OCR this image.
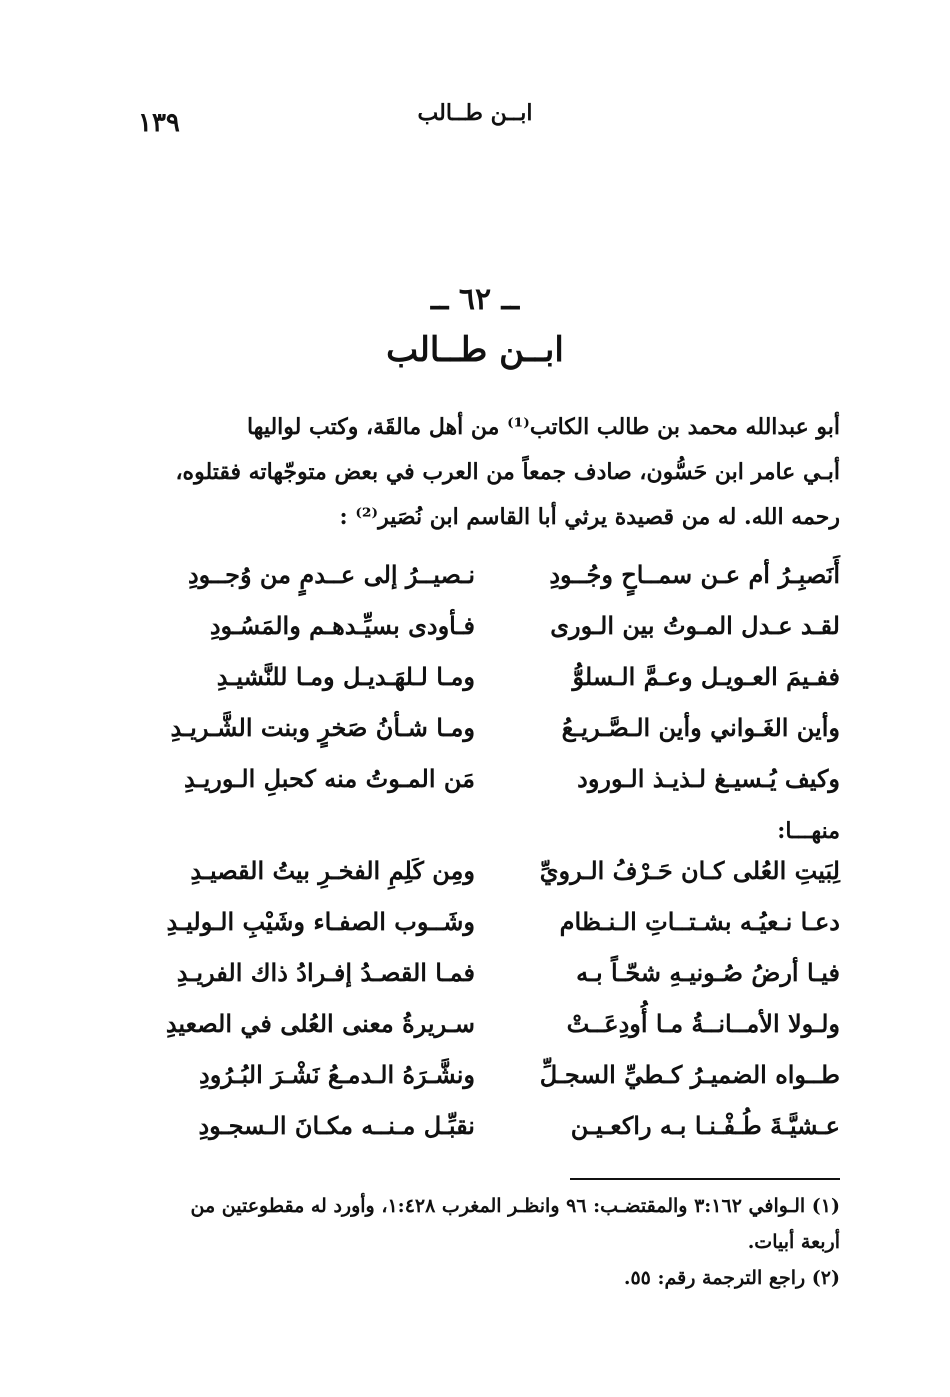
ابــن طــالب
١٣٩
ــ ٦٢ ــ
ابــن طــالب
أبو عبدالله محمد بن طالب الكاتب⁽¹⁾ من أهل مالقَة، وكتب لواليها
أبـي عامر ابن حَسُّون، صادف جمعاً من العرب في بعض متوجّهاته فقتلوه،
رحمه الله. له من قصيدة يرثي أبا القاسم ابن نُصَير⁽²⁾ :
أَنَصبِـرُ أم عـن سمــاحٍ وجُــودِ
نـصيــرُ إلى عــدمٍ من وُجــودِ
لقـد عـدل المـوتُ بين الـورى
فـأودى بسيِّـدهـم والمَسُـودِ
ففـيمَ العـويـل وعـمَّ الـسلوُّ
ومـا لـلهَـديـل ومـا للنَّشيـدِ
وأين الغَـواني وأين الـصَّـريـعُ
ومـا شـأنُ صَخرٍ وبنت الشَّـريـدِ
وكيف يُـسيـغ لـذيـذ الـورود
مَن المـوتُ منه كحبلِ الـوريـدِ
منهـــا:
لِبَيتِ العُلى كـان حَـرْفُ الـرويِّ
ومِن كَلِمِ الفخـرِ بيتُ القصيـدِ
دعـا نـعيُـه بشـتــاتِ الـنـظام
وشَــوب الصفـاء وشَيْبِ الـوليـدِ
فيـا أرضُ صُـونيـهِ شحّـاً بـه
فمـا القصـدُ إفـرادُ ذاك الفريـدِ
ولـولا الأمــانــةُ مـا أُودِعَــتْ
سـريرةُ معنى العُلى في الصعيدِ
طــواه الضميـرُ كـطيِّ السجـلِّ
ونشَّـرَهُ الـدمـعُ نَشْـرَ البُـرُودِ
عـشيَّـةَ طُـفْـنـا بـه راكعـيـن
نقبِّـل مـنــه مكـانَ الـسجـودِ
(١) الـوافي ٣:١٦٢ والمقتضـب: ٩٦ وانظـر المغرب ١:٤٢٨، وأورد له مقطوعتين من
أربعة أبيات.
(٢) راجع الترجمة رقم: ٥٥.
